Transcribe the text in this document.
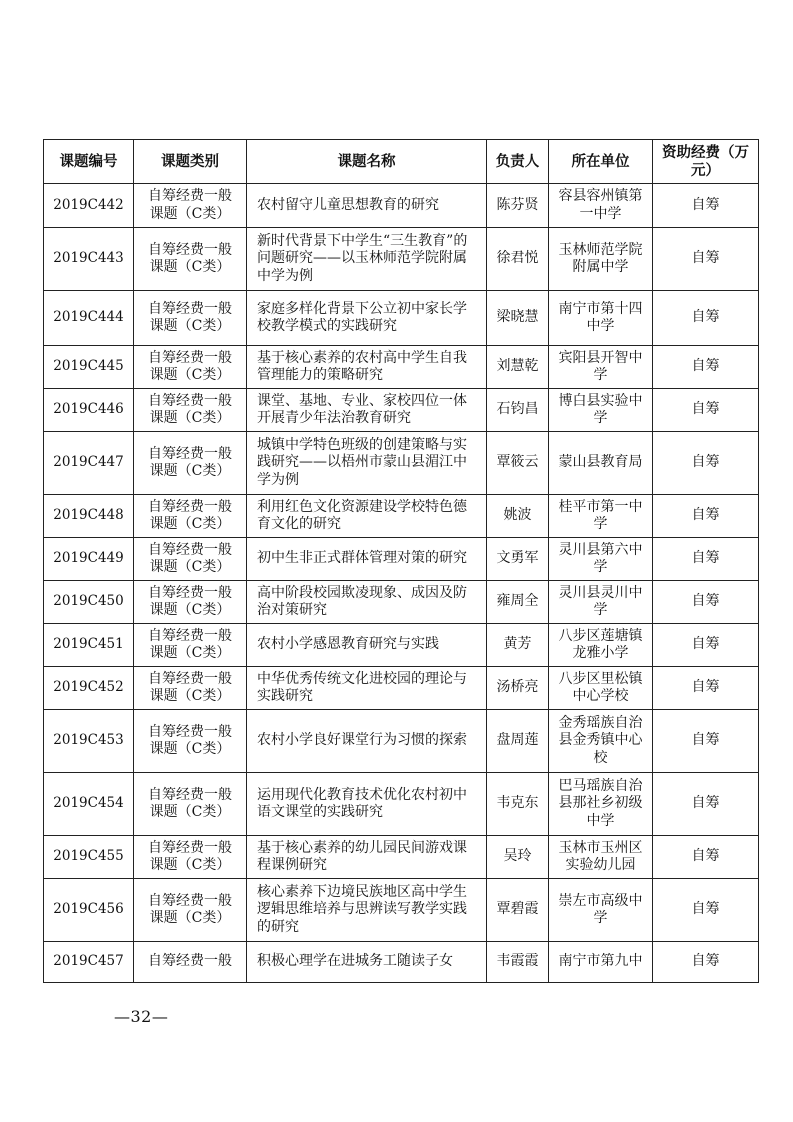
课题编号	课题类别	课题名称	负责人	所在单位	资助经费（万元）
2019C442	自筹经费一般课题（C类）	农村留守儿童思想教育的研究	陈芬贤	容县容州镇第一中学	自筹
2019C443	自筹经费一般课题（C类）	新时代背景下中学生“三生教育”的问题研究——以玉林师范学院附属中学为例	徐君悦	玉林师范学院附属中学	自筹
2019C444	自筹经费一般课题（C类）	家庭多样化背景下公立初中家长学校教学模式的实践研究	梁晓慧	南宁市第十四中学	自筹
2019C445	自筹经费一般课题（C类）	基于核心素养的农村高中学生自我管理能力的策略研究	刘慧乾	宾阳县开智中学	自筹
2019C446	自筹经费一般课题（C类）	课堂、基地、专业、家校四位一体开展青少年法治教育研究	石钧昌	博白县实验中学	自筹
2019C447	自筹经费一般课题（C类）	城镇中学特色班级的创建策略与实践研究——以梧州市蒙山县湄江中学为例	覃筱云	蒙山县教育局	自筹
2019C448	自筹经费一般课题（C类）	利用红色文化资源建设学校特色德育文化的研究	姚波	桂平市第一中学	自筹
2019C449	自筹经费一般课题（C类）	初中生非正式群体管理对策的研究	文勇军	灵川县第六中学	自筹
2019C450	自筹经费一般课题（C类）	高中阶段校园欺凌现象、成因及防治对策研究	雍周全	灵川县灵川中学	自筹
2019C451	自筹经费一般课题（C类）	农村小学感恩教育研究与实践	黄芳	八步区莲塘镇龙雅小学	自筹
2019C452	自筹经费一般课题（C类）	中华优秀传统文化进校园的理论与实践研究	汤桥亮	八步区里松镇中心学校	自筹
2019C453	自筹经费一般课题（C类）	农村小学良好课堂行为习惯的探索	盘周莲	金秀瑶族自治县金秀镇中心校	自筹
2019C454	自筹经费一般课题（C类）	运用现代化教育技术优化农村初中语文课堂的实践研究	韦克东	巴马瑶族自治县那社乡初级中学	自筹
2019C455	自筹经费一般课题（C类）	基于核心素养的幼儿园民间游戏课程课例研究	吴玲	玉林市玉州区实验幼儿园	自筹
2019C456	自筹经费一般课题（C类）	核心素养下边境民族地区高中学生逻辑思维培养与思辨读写教学实践的研究	覃碧霞	崇左市高级中学	自筹
2019C457	自筹经费一般	积极心理学在进城务工随读子女	韦霞霞	南宁市第九中	自筹
—32—
